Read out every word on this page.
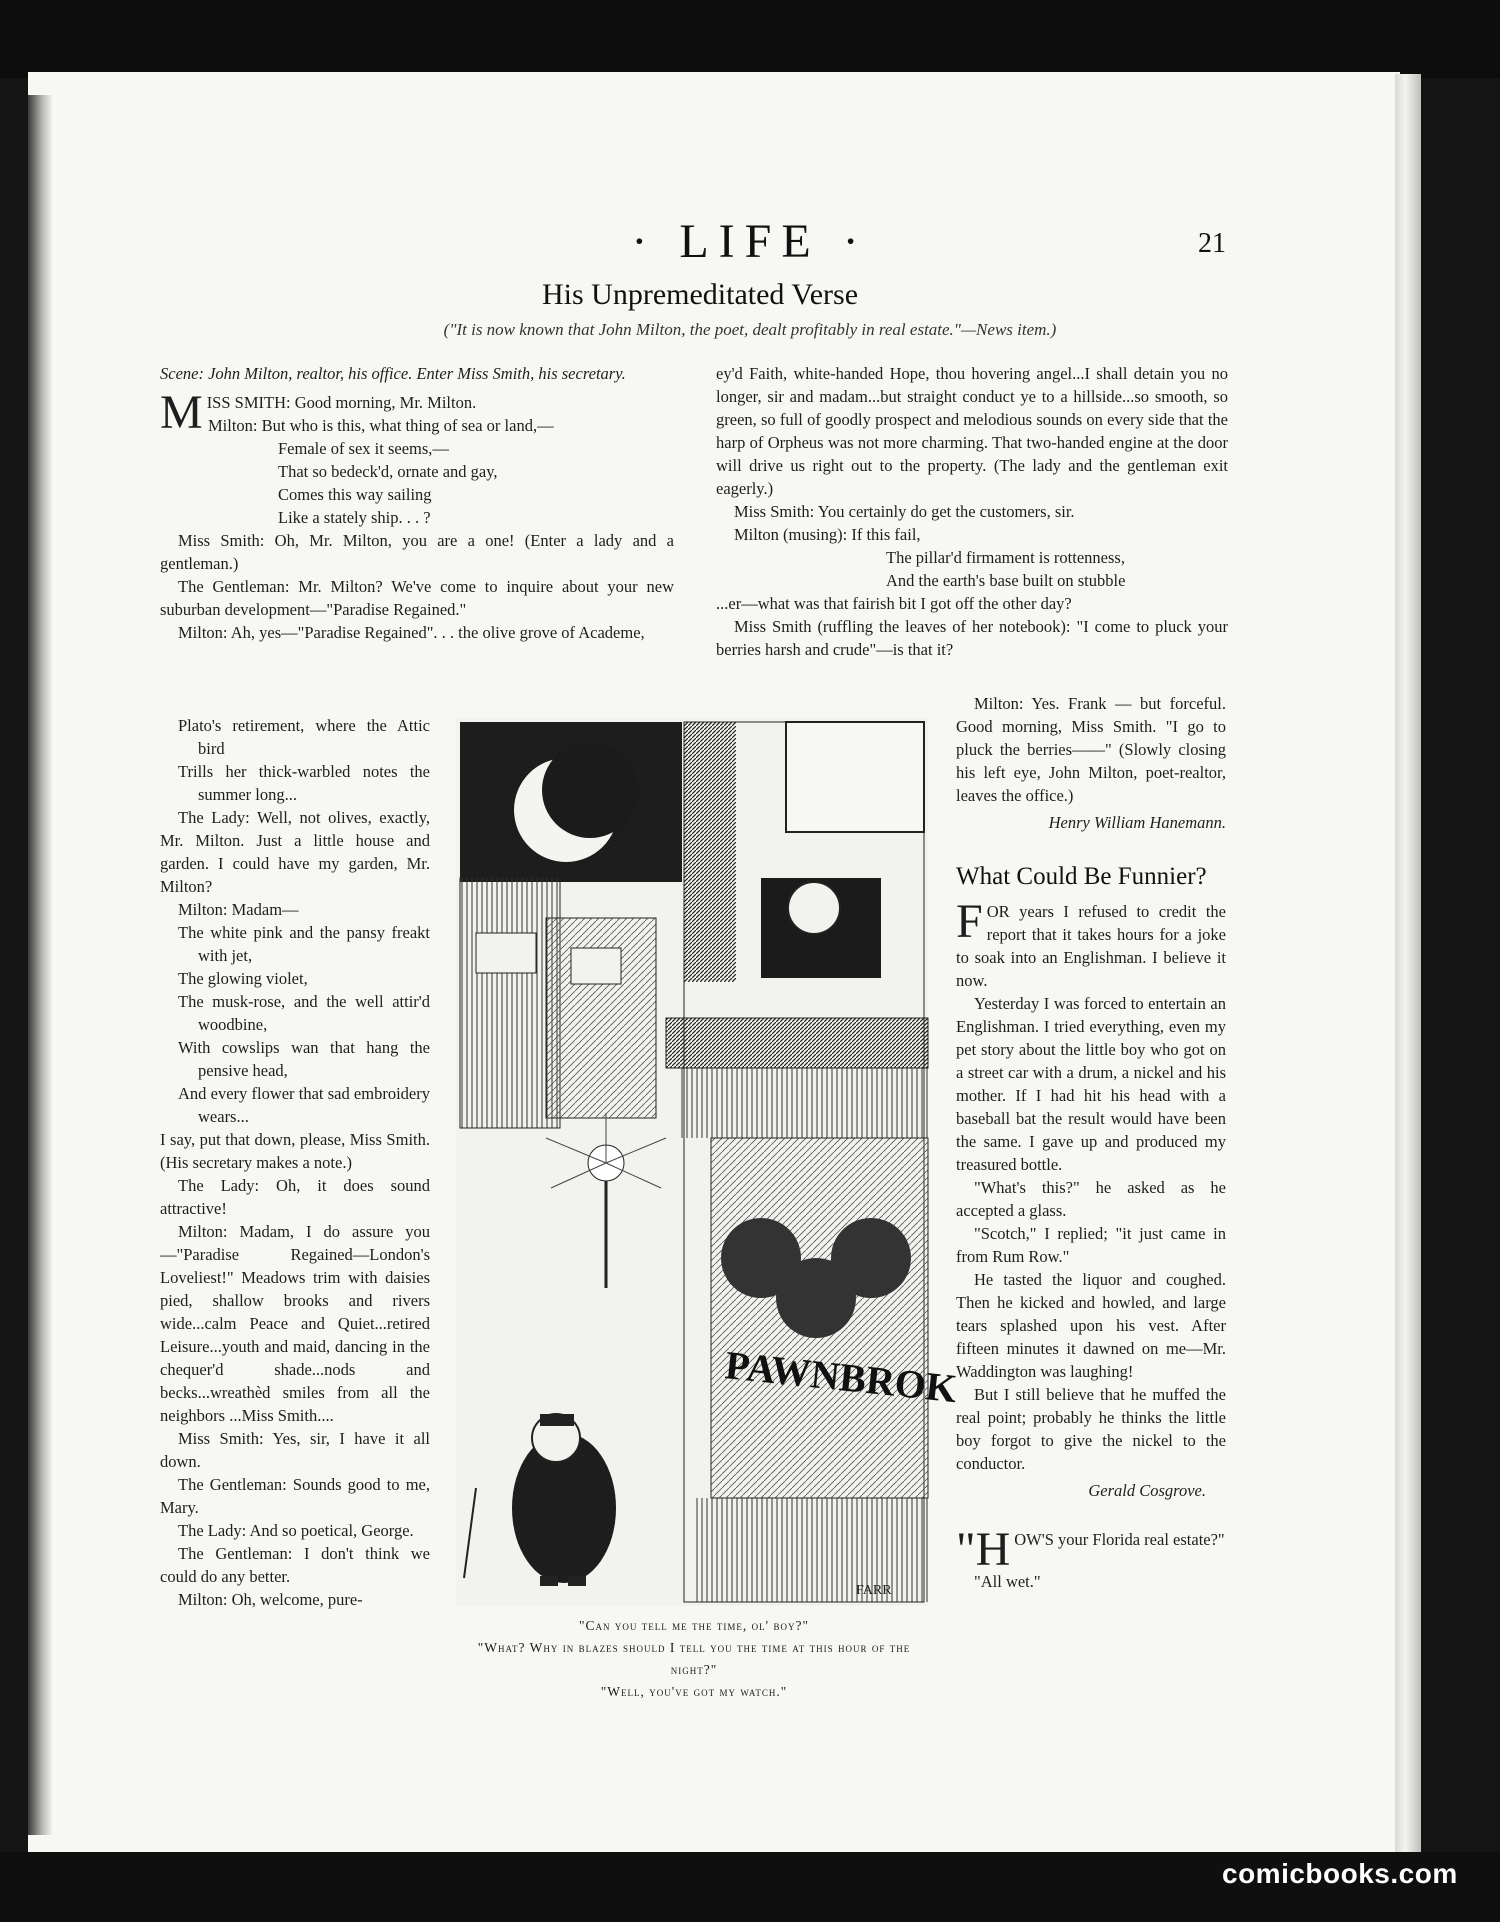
· LIFE ·	21
His Unpremeditated Verse
("It is now known that John Milton, the poet, dealt profitably in real estate."—News item.)

Scene: John Milton, realtor, his office. Enter Miss Smith, his secretary.

MISS SMITH: Good morning, Mr. Milton.

Milton: But who is this, what thing of sea or land,—

Female of sex it seems,—

That so bedeck'd, ornate and gay,

Comes this way sailing

Like a stately ship. . . ?

Miss Smith: Oh, Mr. Milton, you are a one! (Enter a lady and a gentleman.)

The Gentleman: Mr. Milton? We've come to inquire about your new suburban development—"Paradise Regained."

Milton: Ah, yes—"Paradise Regained". . . the olive grove of Academe,

Plato's retirement, where the Attic bird

Trills her thick-warbled notes the summer long...

The Lady: Well, not olives, exactly, Mr. Milton. Just a little house and garden. I could have my garden, Mr. Milton?

Milton: Madam—

The white pink and the pansy freakt with jet,

The glowing violet,

The musk-rose, and the well attir'd woodbine,

With cowslips wan that hang the pensive head,

And every flower that sad embroidery wears...

I say, put that down, please, Miss Smith. (His secretary makes a note.)

The Lady: Oh, it does sound attractive!

Milton: Madam, I do assure you—"Paradise Regained—London's Loveliest!" Meadows trim with daisies pied, shallow brooks and rivers wide...calm Peace and Quiet...retired Leisure...youth and maid, dancing in the chequer'd shade...nods and becks...wreathèd smiles from all the neighbors ...Miss Smith....

Miss Smith: Yes, sir, I have it all down.

The Gentleman: Sounds good to me, Mary.

The Lady: And so poetical, George.

The Gentleman: I don't think we could do any better.

Milton: Oh, welcome, pure-

ey'd Faith, white-handed Hope, thou hovering angel...I shall detain you no longer, sir and madam...but straight conduct ye to a hillside...so smooth, so green, so full of goodly prospect and melodious sounds on every side that the harp of Orpheus was not more charming. That two-handed engine at the door will drive us right out to the property. (The lady and the gentleman exit eagerly.)

Miss Smith: You certainly do get the customers, sir.

Milton (musing): If this fail,

The pillar'd firmament is rottenness,

And the earth's base built on stubble

...er—what was that fairish bit I got off the other day?

Miss Smith (ruffling the leaves of her notebook): "I come to pluck your berries harsh and crude"—is that it?

Milton: Yes. Frank — but forceful. Good morning, Miss Smith. "I go to pluck the berries——" (Slowly closing his left eye, John Milton, poet-realtor, leaves the office.)

Henry William Hanemann.

What Could Be Funnier?

FOR years I refused to credit the report that it takes hours for a joke to soak into an Englishman. I believe it now.

Yesterday I was forced to entertain an Englishman. I tried everything, even my pet story about the little boy who got on a street car with a drum, a nickel and his mother. If I had hit his head with a baseball bat the result would have been the same. I gave up and produced my treasured bottle.

"What's this?" he asked as he accepted a glass.

"Scotch," I replied; "it just came in from Rum Row."

He tasted the liquor and coughed. Then he kicked and howled, and large tears splashed upon his vest. After fifteen minutes it dawned on me—Mr. Waddington was laughing!

But I still believe that he muffed the real point; probably he thinks the little boy forgot to give the nickel to the conductor.

Gerald Cosgrove.

"H OW'S your Florida real estate?"

"All wet."

PAWNBROK
FARR
"Can you tell me the time, ol' boy?"
"What? Why in blazes should I tell you the time at this hour of the night?"
"Well, you've got my watch."
comicbooks.com
